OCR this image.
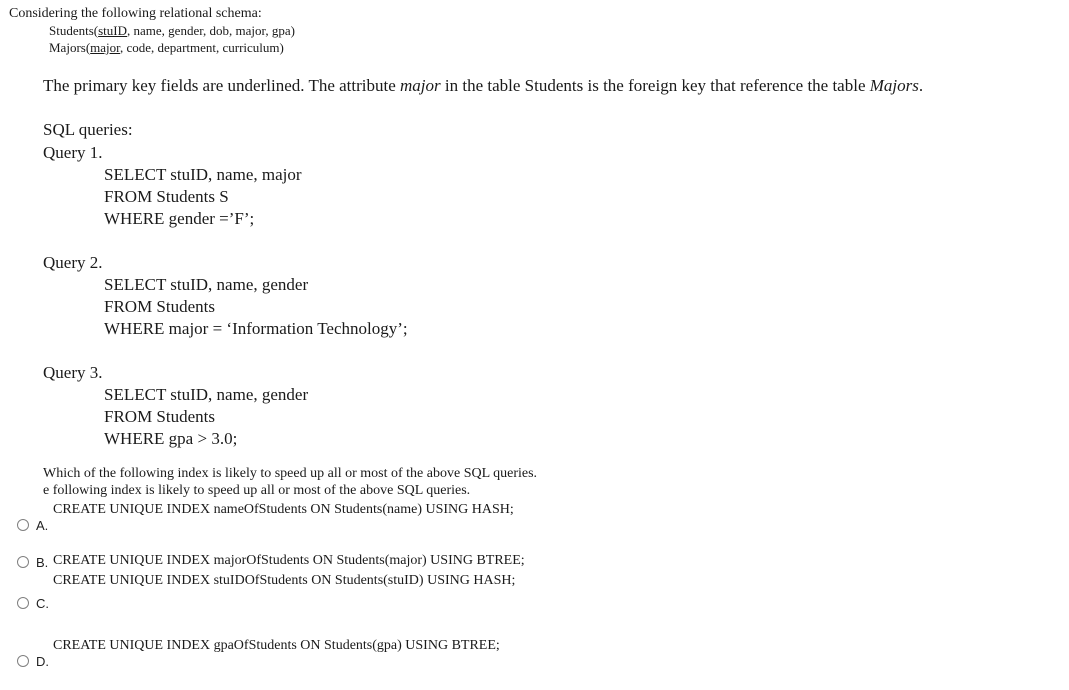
Considering the following relational schema:
Students(stuID, name, gender, dob, major, gpa)
Majors(major, code, department, curriculum)
The primary key fields are underlined. The attribute major in the table Students is the foreign key that reference the table Majors.
SQL queries:
Query 1.
SELECT stuID, name, major
FROM Students S
WHERE gender =’F’;
Query 2.
SELECT stuID, name, gender
FROM Students
WHERE major = ‘Information Technology’;
Query 3.
SELECT stuID, name, gender
FROM Students
WHERE gpa > 3.0;
Which of the following index is likely to speed up all or most of the above SQL queries.
e following index is likely to speed up all or most of the above SQL queries.
CREATE UNIQUE INDEX nameOfStudents ON Students(name) USING HASH;
A.
B. CREATE UNIQUE INDEX majorOfStudents ON Students(major) USING BTREE;
CREATE UNIQUE INDEX stuIDOfStudents ON Students(stuID) USING HASH;
C.
CREATE UNIQUE INDEX gpaOfStudents ON Students(gpa) USING BTREE;
D.
